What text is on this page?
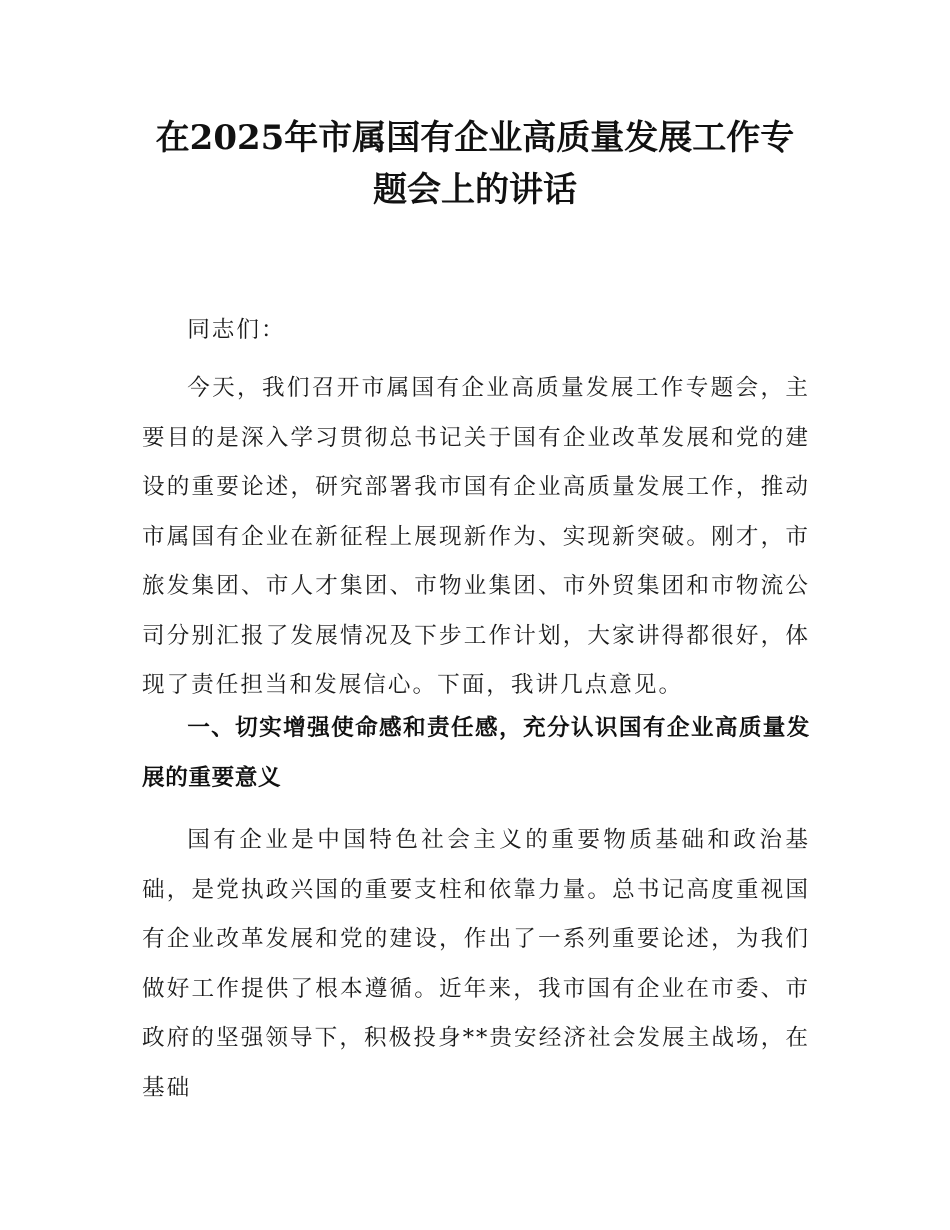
在2025年市属国有企业高质量发展工作专题会上的讲话

同志们：

今天，我们召开市属国有企业高质量发展工作专题会，主要目的是深入学习贯彻总书记关于国有企业改革发展和党的建设的重要论述，研究部署我市国有企业高质量发展工作，推动市属国有企业在新征程上展现新作为、实现新突破。刚才，市旅发集团、市人才集团、市物业集团、市外贸集团和市物流公司分别汇报了发展情况及下步工作计划，大家讲得都很好，体现了责任担当和发展信心。下面，我讲几点意见。

一、切实增强使命感和责任感，充分认识国有企业高质量发展的重要意义

国有企业是中国特色社会主义的重要物质基础和政治基础，是党执政兴国的重要支柱和依靠力量。总书记高度重视国有企业改革发展和党的建设，作出了一系列重要论述，为我们做好工作提供了根本遵循。近年来，我市国有企业在市委、市政府的坚强领导下，积极投身**贵安经济社会发展主战场，在基础
